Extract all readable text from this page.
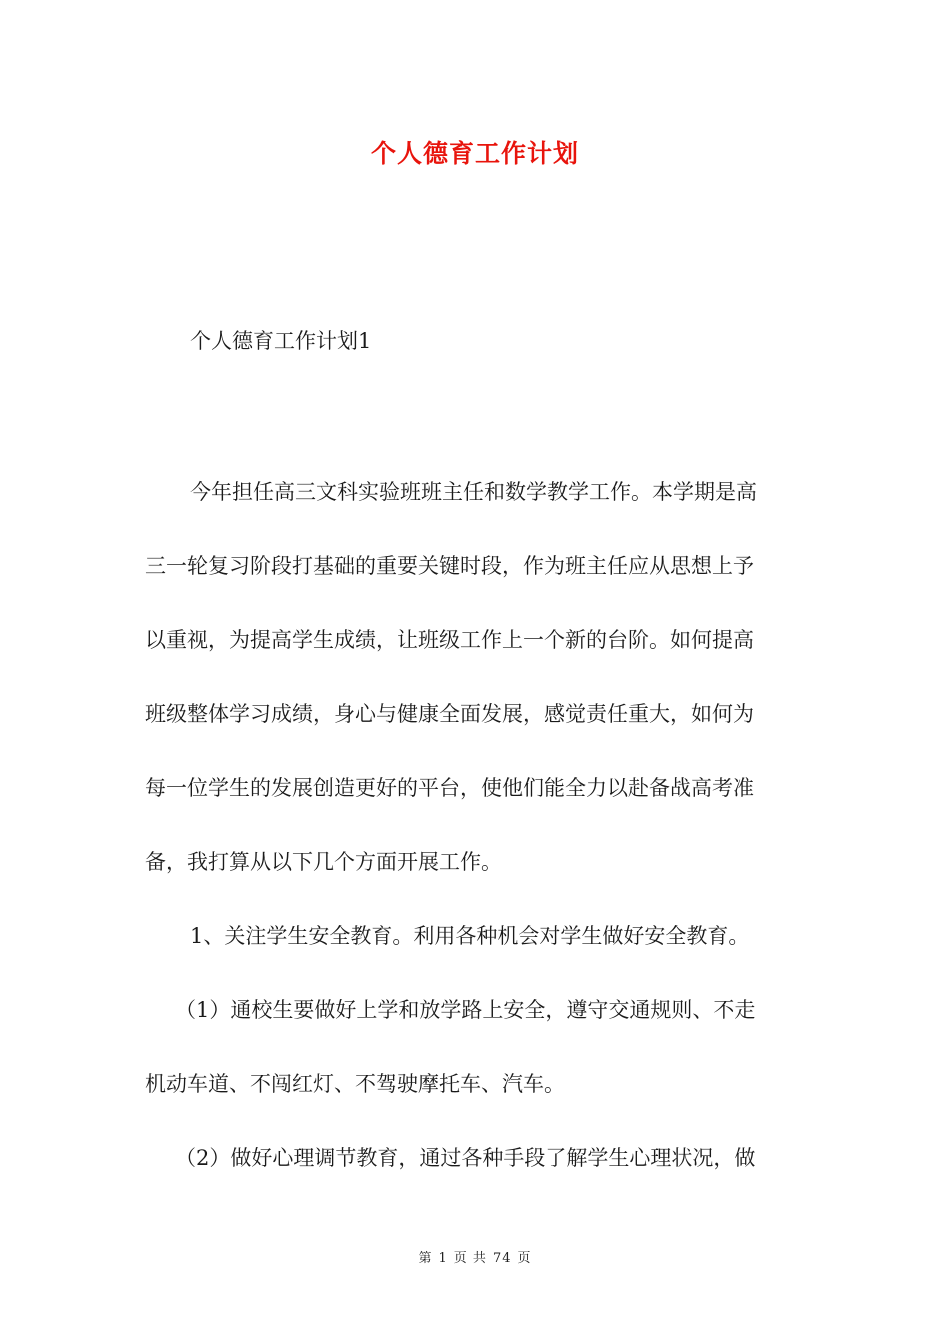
个人德育工作计划
个人德育工作计划1
今年担任高三文科实验班班主任和数学教学工作。本学期是高
三一轮复习阶段打基础的重要关键时段，作为班主任应从思想上予
以重视，为提高学生成绩，让班级工作上一个新的台阶。如何提高
班级整体学习成绩，身心与健康全面发展，感觉责任重大，如何为
每一位学生的发展创造更好的平台，使他们能全力以赴备战高考准
备，我打算从以下几个方面开展工作。
1、关注学生安全教育。利用各种机会对学生做好安全教育。
（1）通校生要做好上学和放学路上安全，遵守交通规则、不走
机动车道、不闯红灯、不驾驶摩托车、汽车。
（2）做好心理调节教育，通过各种手段了解学生心理状况，做
第 1 页 共 74 页
